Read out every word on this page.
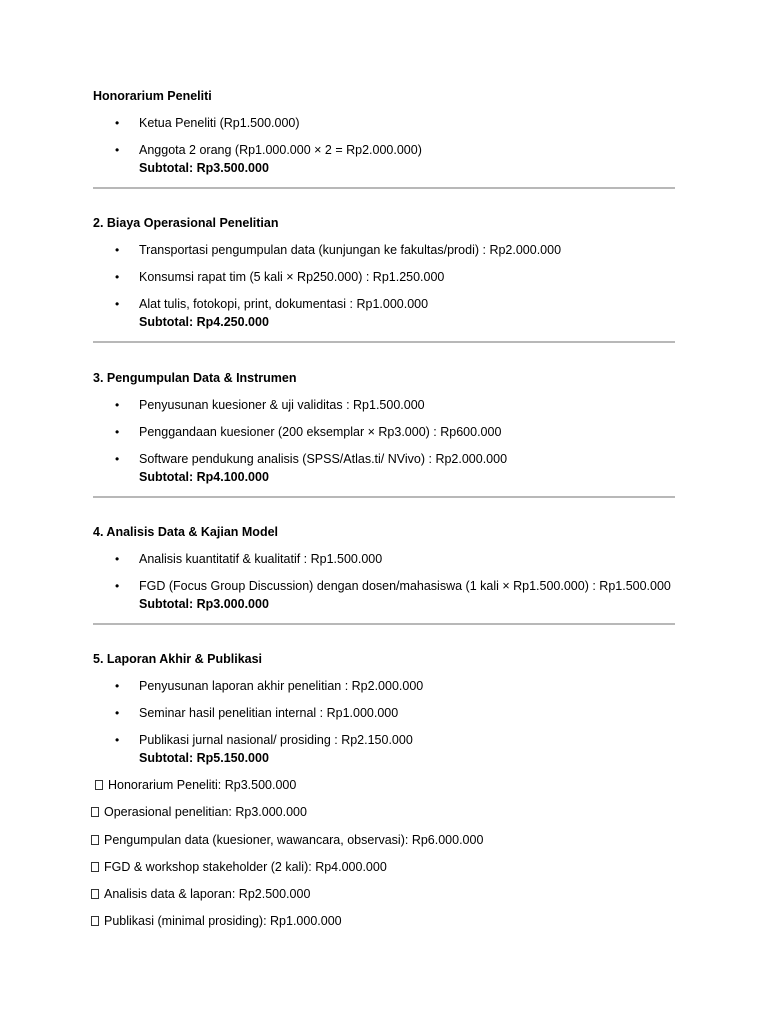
Honorarium Peneliti
• Ketua Peneliti (Rp1.500.000)
• Anggota 2 orang (Rp1.000.000 × 2 = Rp2.000.000)
Subtotal: Rp3.500.000
2. Biaya Operasional Penelitian
• Transportasi pengumpulan data (kunjungan ke fakultas/prodi) : Rp2.000.000
• Konsumsi rapat tim (5 kali × Rp250.000) : Rp1.250.000
• Alat tulis, fotokopi, print, dokumentasi : Rp1.000.000
Subtotal: Rp4.250.000
3. Pengumpulan Data & Instrumen
• Penyusunan kuesioner & uji validitas : Rp1.500.000
• Penggandaan kuesioner (200 eksemplar × Rp3.000) : Rp600.000
• Software pendukung analisis (SPSS/Atlas.ti/ NVivo) : Rp2.000.000
Subtotal: Rp4.100.000
4. Analisis Data & Kajian Model
• Analisis kuantitatif & kualitatif : Rp1.500.000
• FGD (Focus Group Discussion) dengan dosen/mahasiswa (1 kali × Rp1.500.000) : Rp1.500.000
Subtotal: Rp3.000.000
5. Laporan Akhir & Publikasi
• Penyusunan laporan akhir penelitian : Rp2.000.000
• Seminar hasil penelitian internal : Rp1.000.000
• Publikasi jurnal nasional/ prosiding : Rp2.150.000
Subtotal: Rp5.150.000
Honorarium Peneliti: Rp3.500.000
Operasional penelitian: Rp3.000.000
Pengumpulan data (kuesioner, wawancara, observasi): Rp6.000.000
FGD & workshop stakeholder (2 kali): Rp4.000.000
Analisis data & laporan: Rp2.500.000
Publikasi (minimal prosiding): Rp1.000.000
